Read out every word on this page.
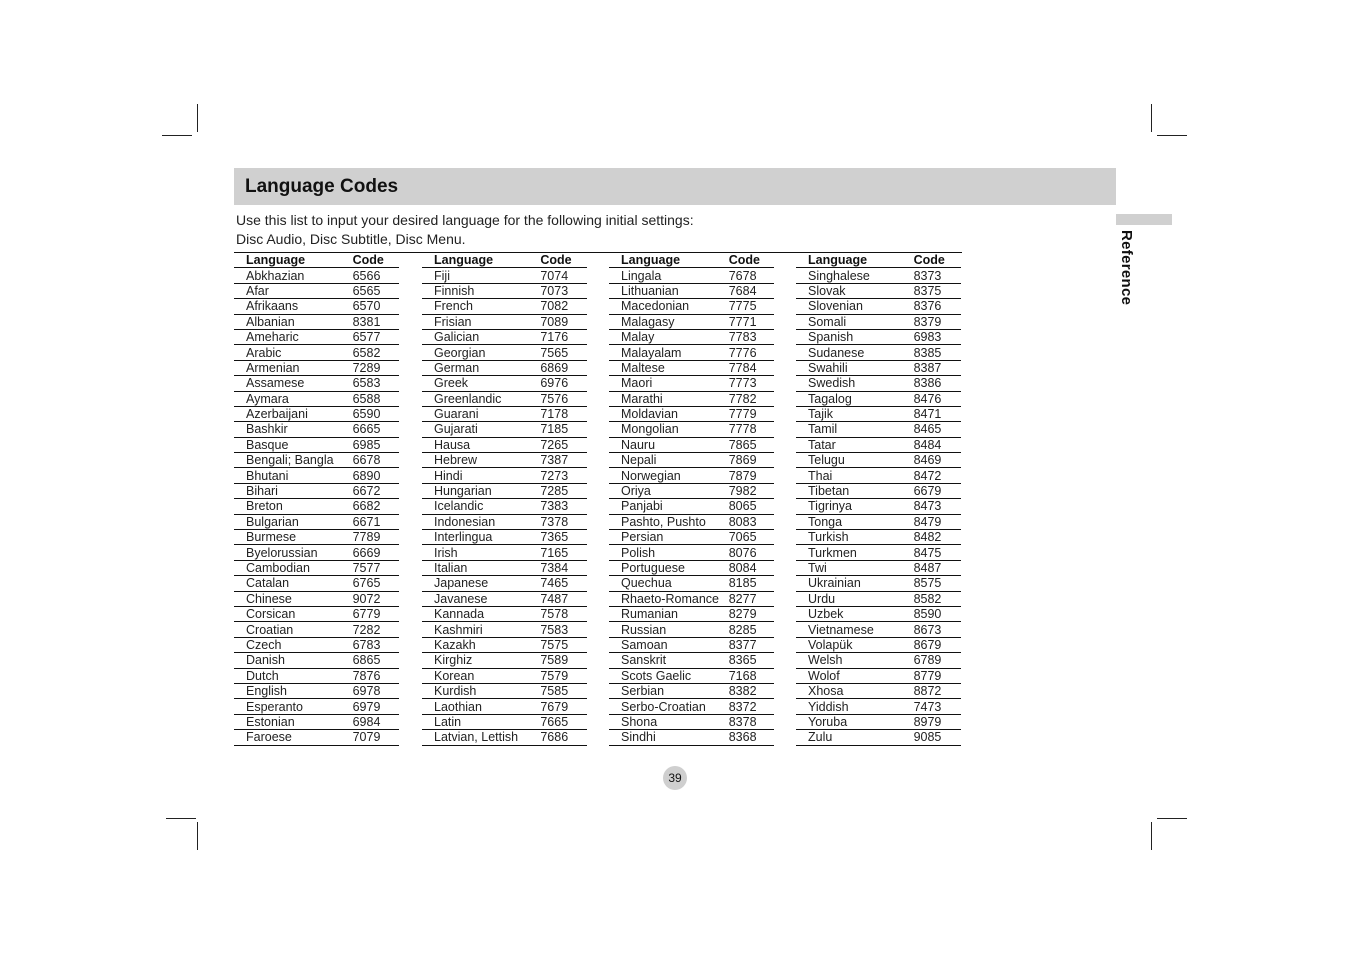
Language Codes
Reference
Use this list to input your desired language for the following initial settings:
Disc Audio, Disc Subtitle, Disc Menu.
Language	Code
Abkhazian	6566
Afar	6565
Afrikaans	6570
Albanian	8381
Ameharic	6577
Arabic	6582
Armenian	7289
Assamese	6583
Aymara	6588
Azerbaijani	6590
Bashkir	6665
Basque	6985
Bengali; Bangla	6678
Bhutani	6890
Bihari	6672
Breton	6682
Bulgarian	6671
Burmese	7789
Byelorussian	6669
Cambodian	7577
Catalan	6765
Chinese	9072
Corsican	6779
Croatian	7282
Czech	6783
Danish	6865
Dutch	7876
English	6978
Esperanto	6979
Estonian	6984
Faroese	7079
Language	Code
Fiji	7074
Finnish	7073
French	7082
Frisian	7089
Galician	7176
Georgian	7565
German	6869
Greek	6976
Greenlandic	7576
Guarani	7178
Gujarati	7185
Hausa	7265
Hebrew	7387
Hindi	7273
Hungarian	7285
Icelandic	7383
Indonesian	7378
Interlingua	7365
Irish	7165
Italian	7384
Japanese	7465
Javanese	7487
Kannada	7578
Kashmiri	7583
Kazakh	7575
Kirghiz	7589
Korean	7579
Kurdish	7585
Laothian	7679
Latin	7665
Latvian, Lettish	7686
Language	Code
Lingala	7678
Lithuanian	7684
Macedonian	7775
Malagasy	7771
Malay	7783
Malayalam	7776
Maltese	7784
Maori	7773
Marathi	7782
Moldavian	7779
Mongolian	7778
Nauru	7865
Nepali	7869
Norwegian	7879
Oriya	7982
Panjabi	8065
Pashto, Pushto	8083
Persian	7065
Polish	8076
Portuguese	8084
Quechua	8185
Rhaeto-Romance	8277
Rumanian	8279
Russian	8285
Samoan	8377
Sanskrit	8365
Scots Gaelic	7168
Serbian	8382
Serbo-Croatian	8372
Shona	8378
Sindhi	8368
Language	Code
Singhalese	8373
Slovak	8375
Slovenian	8376
Somali	8379
Spanish	6983
Sudanese	8385
Swahili	8387
Swedish	8386
Tagalog	8476
Tajik	8471
Tamil	8465
Tatar	8484
Telugu	8469
Thai	8472
Tibetan	6679
Tigrinya	8473
Tonga	8479
Turkish	8482
Turkmen	8475
Twi	8487
Ukrainian	8575
Urdu	8582
Uzbek	8590
Vietnamese	8673
Volapük	8679
Welsh	6789
Wolof	8779
Xhosa	8872
Yiddish	7473
Yoruba	8979
Zulu	9085
39
